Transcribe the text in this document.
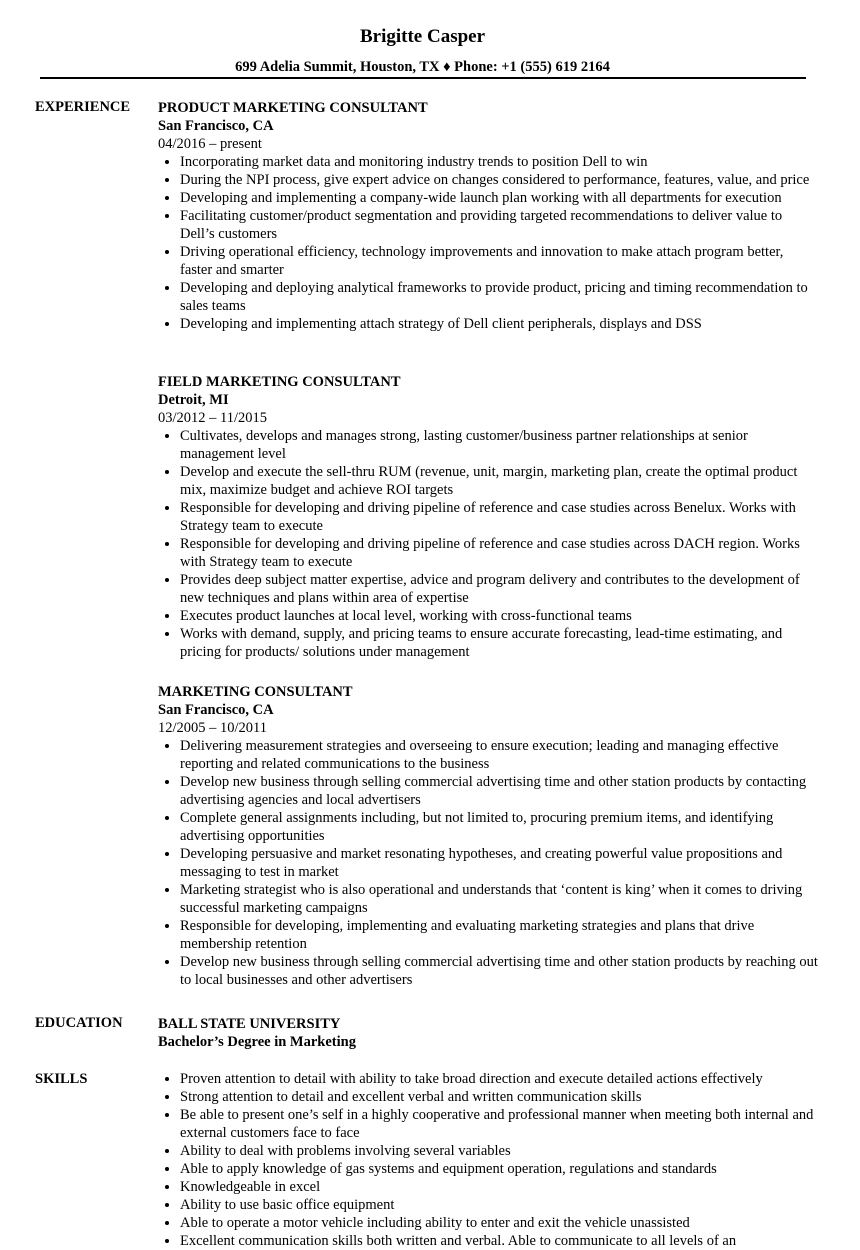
Brigitte Casper
699 Adelia Summit, Houston, TX ♦ Phone: +1 (555) 619 2164
EXPERIENCE PRODUCT MARKETING CONSULTANT
San Francisco, CA
04/2016 – present
• Incorporating market data and monitoring industry trends to position Dell to win
• During the NPI process, give expert advice on changes considered to performance, features, value, and price
• Developing and implementing a company-wide launch plan working with all departments for execution
• Facilitating customer/product segmentation and providing targeted recommendations to deliver value to Dell’s customers
• Driving operational efficiency, technology improvements and innovation to make attach program better, faster and smarter
• Developing and deploying analytical frameworks to provide product, pricing and timing recommendation to sales teams
• Developing and implementing attach strategy of Dell client peripherals, displays and DSS
FIELD MARKETING CONSULTANT
Detroit, MI
03/2012 – 11/2015
• Cultivates, develops and manages strong, lasting customer/business partner relationships at senior management level
• Develop and execute the sell-thru RUM (revenue, unit, margin, marketing plan, create the optimal product mix, maximize budget and achieve ROI targets
• Responsible for developing and driving pipeline of reference and case studies across Benelux. Works with Strategy team to execute
• Responsible for developing and driving pipeline of reference and case studies across DACH region. Works with Strategy team to execute
• Provides deep subject matter expertise, advice and program delivery and contributes to the development of new techniques and plans within area of expertise
• Executes product launches at local level, working with cross-functional teams
• Works with demand, supply, and pricing teams to ensure accurate forecasting, lead-time estimating, and pricing for products/ solutions under management
MARKETING CONSULTANT
San Francisco, CA
12/2005 – 10/2011
• Delivering measurement strategies and overseeing to ensure execution; leading and managing effective reporting and related communications to the business
• Develop new business through selling commercial advertising time and other station products by contacting advertising agencies and local advertisers
• Complete general assignments including, but not limited to, procuring premium items, and identifying advertising opportunities
• Developing persuasive and market resonating hypotheses, and creating powerful value propositions and messaging to test in market
• Marketing strategist who is also operational and understands that ‘content is king’ when it comes to driving successful marketing campaigns
• Responsible for developing, implementing and evaluating marketing strategies and plans that drive membership retention
• Develop new business through selling commercial advertising time and other station products by reaching out to local businesses and other advertisers
EDUCATION BALL STATE UNIVERSITY
Bachelor’s Degree in Marketing
SKILLS
•	Proven attention to detail with ability to take broad direction and execute detailed actions effectively
• Strong attention to detail and excellent verbal and written communication skills
• Be able to present one’s self in a highly cooperative and professional manner when meeting both internal and external customers face to face
• Ability to deal with problems involving several variables
• Able to apply knowledge of gas systems and equipment operation, regulations and standards
• Knowledgeable in excel
• Ability to use basic office equipment
• Able to operate a motor vehicle including ability to enter and exit the vehicle unassisted
• Excellent communication skills both written and verbal. Able to communicate to all levels of an
